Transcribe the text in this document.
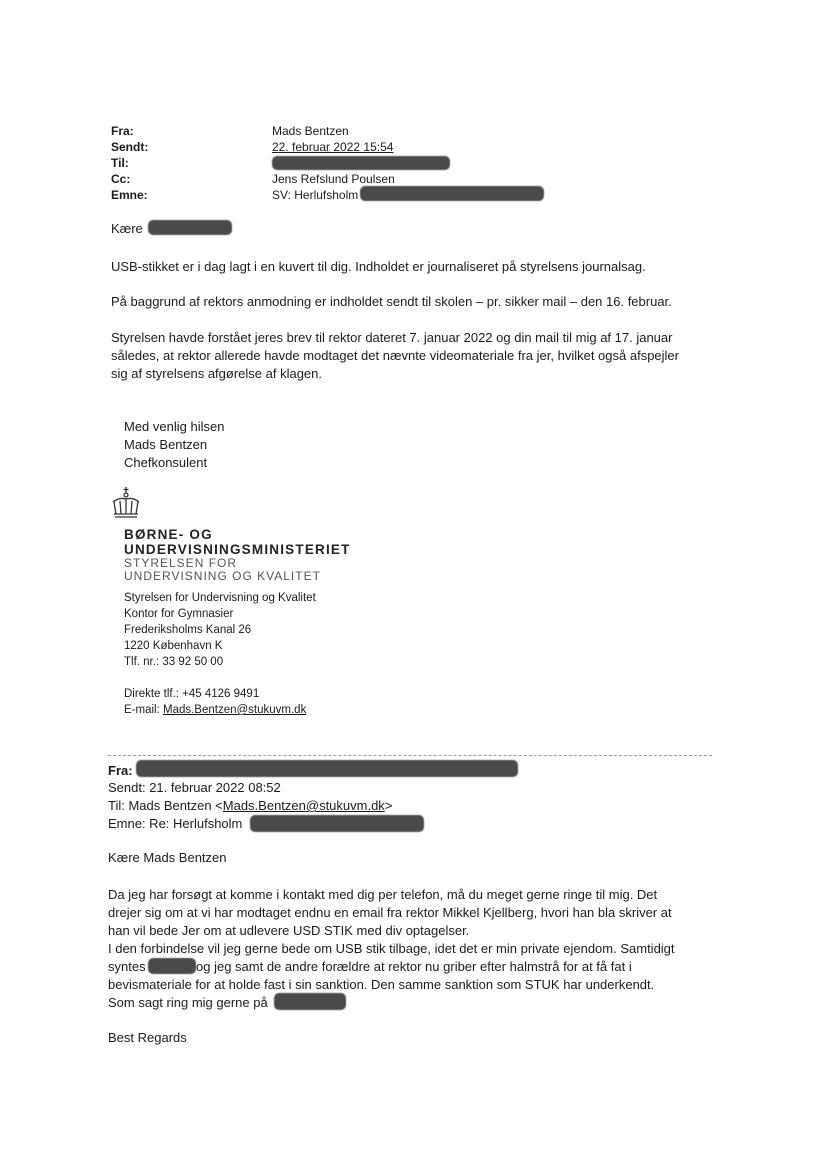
Fra:
Sendt:
Til:
Cc:
Emne:
Mads Bentzen
22. februar 2022 15:54
Jens Refslund Poulsen
SV: Herlufsholm
Kære
USB-stikket er i dag lagt i en kuvert til dig. Indholdet er journaliseret på styrelsens journalsag.
På baggrund af rektors anmodning er indholdet sendt til skolen – pr. sikker mail – den 16. februar.
Styrelsen havde forstået jeres brev til rektor dateret 7. januar 2022 og din mail til mig af 17. januar
således, at rektor allerede havde modtaget det nævnte videomateriale fra jer, hvilket også afspejler
sig af styrelsens afgørelse af klagen.
Med venlig hilsen
Mads Bentzen
Chefkonsulent
BØRNE- OG
UNDERVISNINGSMINISTERIET
STYRELSEN FOR
UNDERVISNING OG KVALITET
Styrelsen for Undervisning og Kvalitet
Kontor for Gymnasier
Frederiksholms Kanal 26
1220 København K
Tlf. nr.: 33 92 50 00
Direkte tlf.: +45 4126 9491
E-mail: Mads.Bentzen@stukuvm.dk
Fra:
Sendt: 21. februar 2022 08:52
Til: Mads Bentzen <Mads.Bentzen@stukuvm.dk>
Emne: Re: Herlufsholm
Kære Mads Bentzen
Da jeg har forsøgt at komme i kontakt med dig per telefon, må du meget gerne ringe til mig. Det
drejer sig om at vi har modtaget endnu en email fra rektor Mikkel Kjellberg, hvori han bla skriver at
han vil bede Jer om at udlevere USD STIK med div optagelser.
I den forbindelse vil jeg gerne bede om USB stik tilbage, idet det er min private ejendom. Samtidigt
syntes	og jeg samt de andre forældre at rektor nu griber efter halmstrå for at få fat i
bevismateriale for at holde fast i sin sanktion. Den samme sanktion som STUK har underkendt.
Som sagt ring mig gerne på
Best Regards
